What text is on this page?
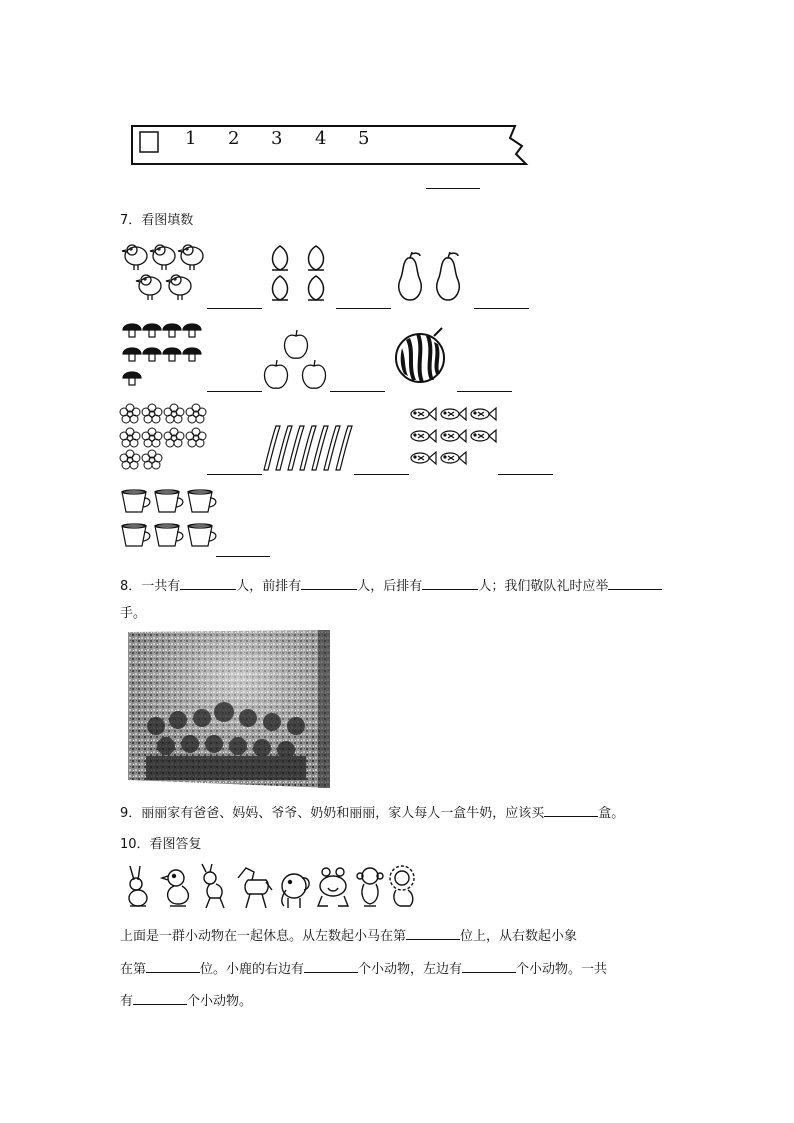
1 2 3 4 5
7．看图填数
8．一共有	人，前排有	人，后排有	人；我们敬队礼时应举
手。
9．丽丽家有爸爸、妈妈、爷爷、奶奶和丽丽，家人每人一盒牛奶，应该买	盒。
10．看图答复
上面是一群小动物在一起休息。从左数起小马在第	位上，从右数起小象
在第	位。小鹿的右边有	个小动物，左边有	个小动物。一共
有	个小动物。
